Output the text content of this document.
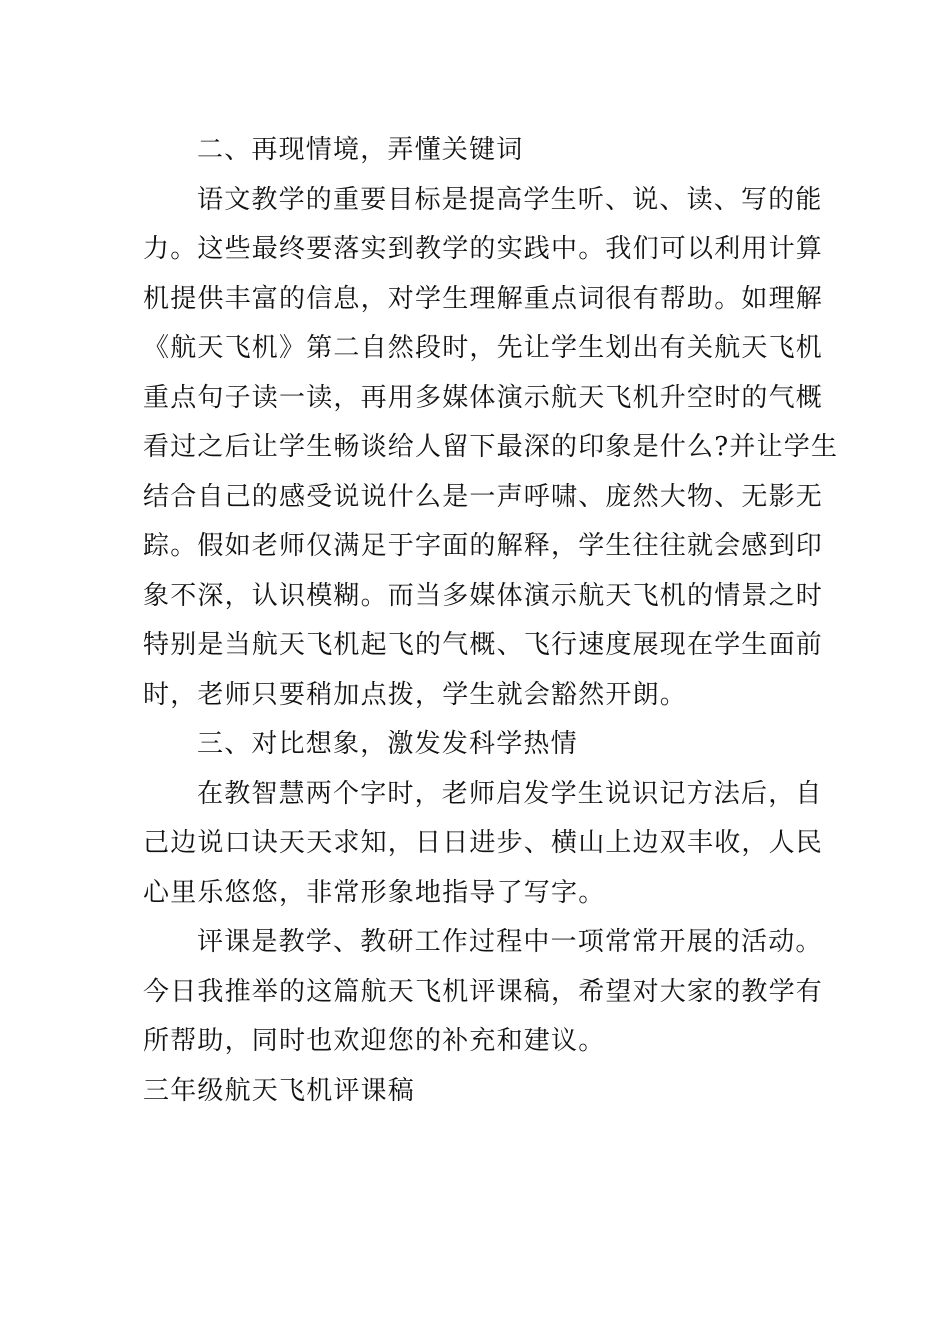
二、再现情境，弄懂关键词
语文教学的重要目标是提高学生听、说、读、写的能
力。这些最终要落实到教学的实践中。我们可以利用计算
机提供丰富的信息，对学生理解重点词很有帮助。如理解
《航天飞机》第二自然段时，先让学生划出有关航天飞机
重点句子读一读，再用多媒体演示航天飞机升空时的气概
看过之后让学生畅谈给人留下最深的印象是什么?并让学生
结合自己的感受说说什么是一声呼啸、庞然大物、无影无
踪。假如老师仅满足于字面的解释，学生往往就会感到印
象不深，认识模糊。而当多媒体演示航天飞机的情景之时
特别是当航天飞机起飞的气概、飞行速度展现在学生面前
时，老师只要稍加点拨，学生就会豁然开朗。
三、对比想象，激发发科学热情
在教智慧两个字时，老师启发学生说识记方法后，自
己边说口诀天天求知，日日进步、横山上边双丰收，人民
心里乐悠悠，非常形象地指导了写字。
评课是教学、教研工作过程中一项常常开展的活动。
今日我推举的这篇航天飞机评课稿，希望对大家的教学有
所帮助，同时也欢迎您的补充和建议。
三年级航天飞机评课稿
